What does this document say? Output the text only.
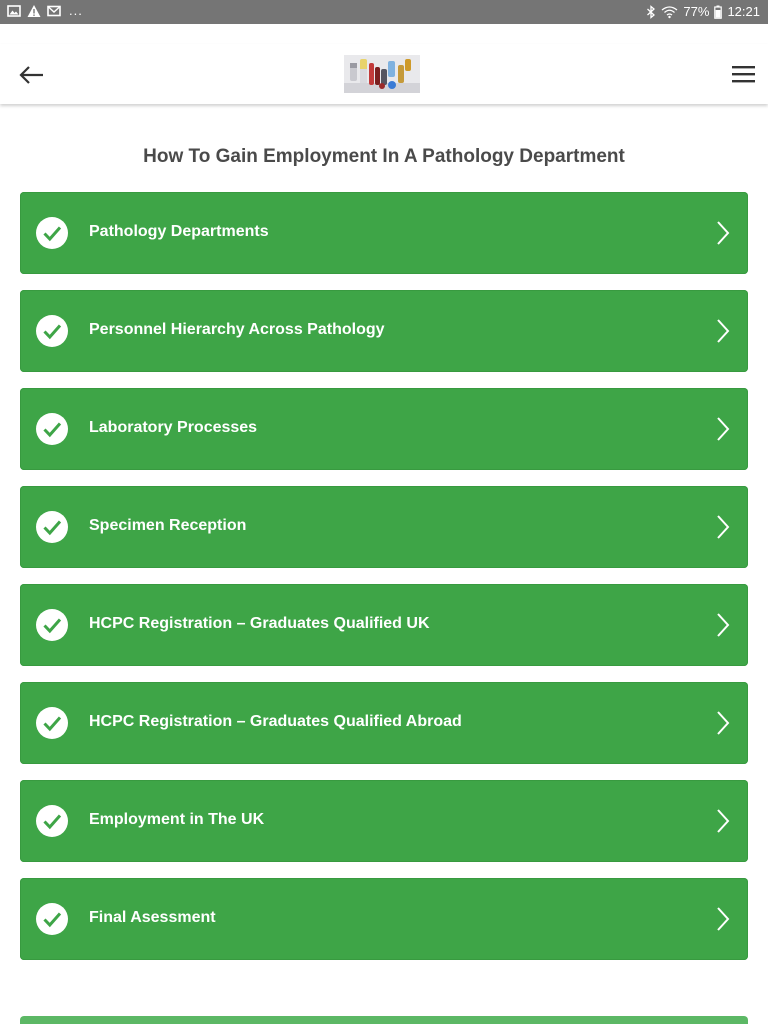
...	77% 12:21
How To Gain Employment In A Pathology Department
Pathology Departments
Personnel Hierarchy Across Pathology
Laboratory Processes
Specimen Reception
HCPC Registration – Graduates Qualified UK
HCPC Registration – Graduates Qualified Abroad
Employment in The UK
Final Asessment
